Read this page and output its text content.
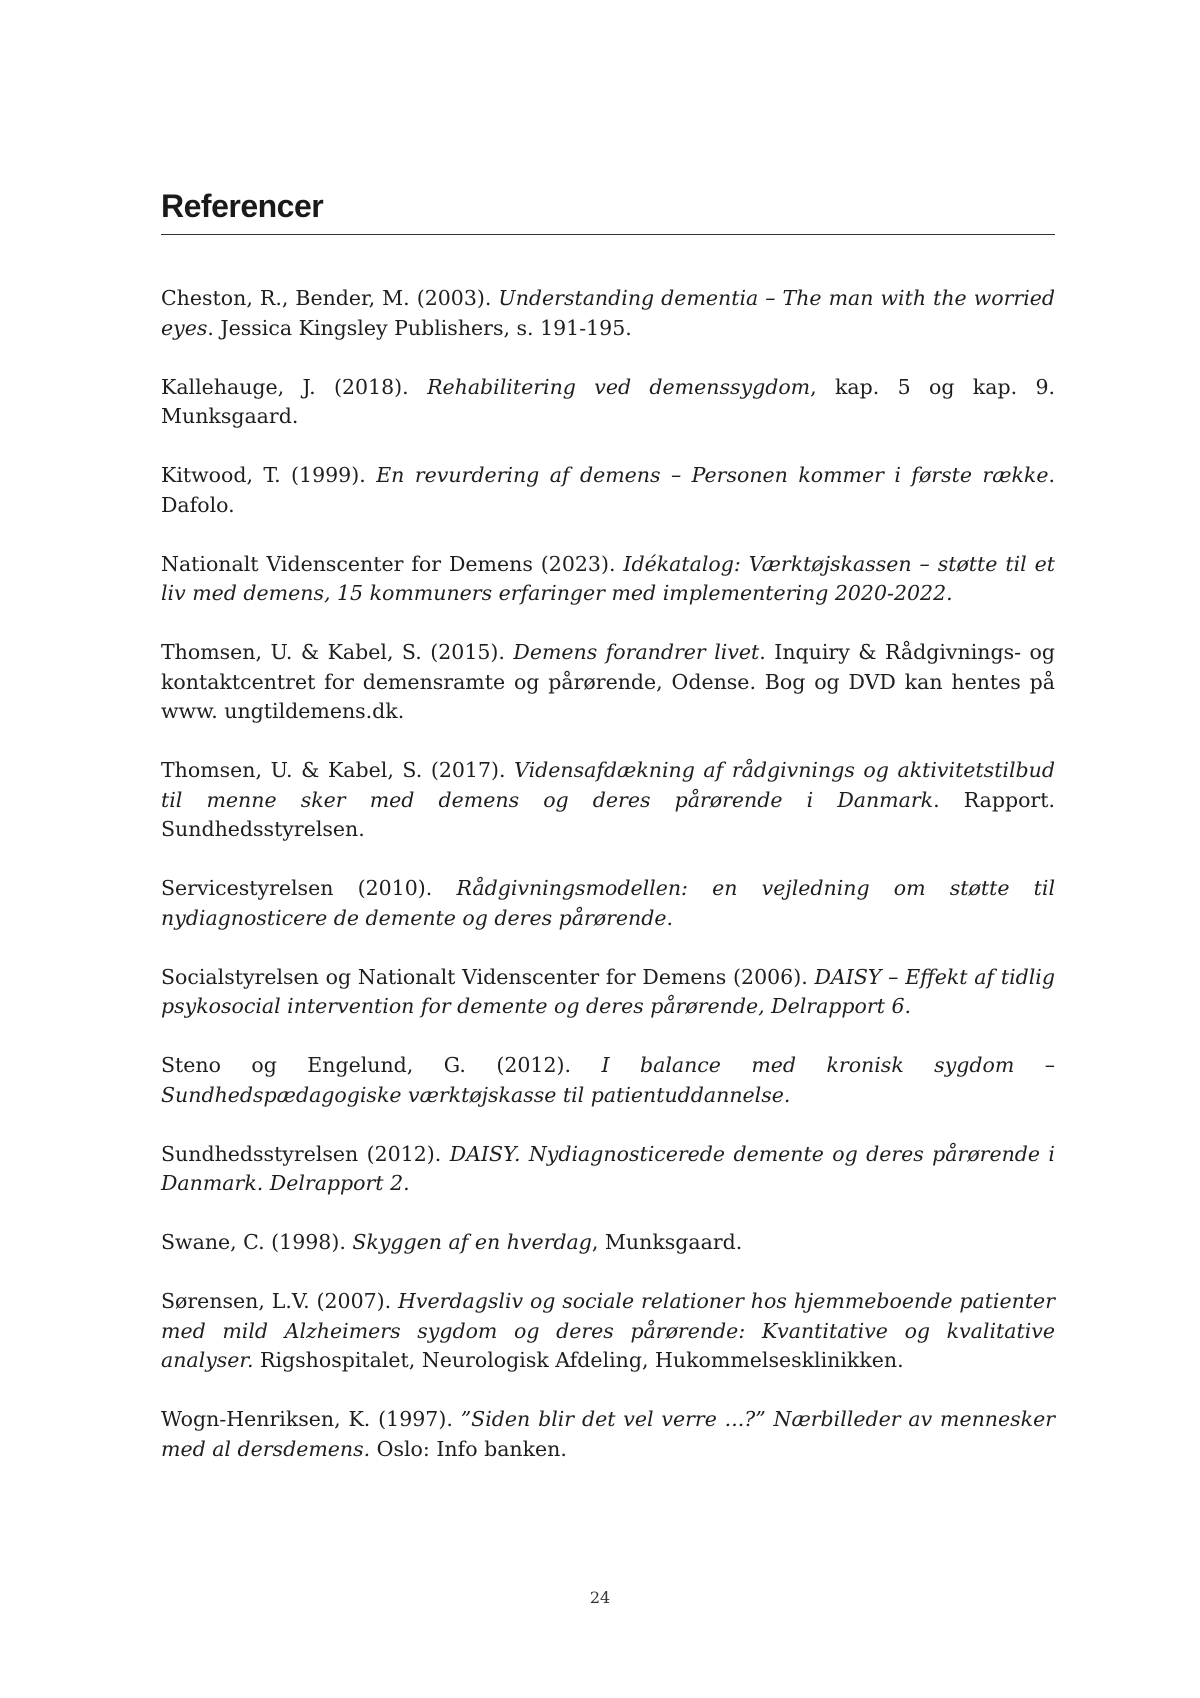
Referencer

Cheston, R., Bender, M. (2003). Understanding dementia – The man with the worried eyes. Jessica Kingsley Publishers, s. 191-195.

Kallehauge, J. (2018). Rehabilitering ved demenssygdom, kap. 5 og kap. 9. Munksgaard.

Kitwood, T. (1999). En revurdering af demens – Personen kommer i første række. Dafolo.

Nationalt Videnscenter for Demens (2023). Idékatalog: Værktøjskassen – støtte til et liv med demens, 15 kommuners erfaringer med implementering 2020-2022.

Thomsen, U. & Kabel, S. (2015). Demens forandrer livet. Inquiry & Rådgivnings- og kontaktcentret for demensramte og pårørende, Odense. Bog og DVD kan hentes på www. ungtildemens.dk.

Thomsen, U. & Kabel, S. (2017). Vidensafdækning af rådgivnings og aktivitetstilbud til menne sker med demens og deres pårørende i Danmark. Rapport. Sundhedsstyrelsen.

Servicestyrelsen (2010). Rådgivningsmodellen: en vejledning om støtte til nydiagnosticere de demente og deres pårørende.

Socialstyrelsen og Nationalt Videnscenter for Demens (2006). DAISY – Effekt af tidlig psykosocial intervention for demente og deres pårørende, Delrapport 6.

Steno og Engelund, G. (2012). I balance med kronisk sygdom – Sundhedspædagogiske værktøjskasse til patientuddannelse.

Sundhedsstyrelsen (2012). DAISY. Nydiagnosticerede demente og deres pårørende i Danmark. Delrapport 2.

Swane, C. (1998). Skyggen af en hverdag, Munksgaard.

Sørensen, L.V. (2007). Hverdagsliv og sociale relationer hos hjemmeboende patienter med mild Alzheimers sygdom og deres pårørende: Kvantitative og kvalitative analyser. Rigshospitalet, Neurologisk Afdeling, Hukommelsesklinikken.

Wogn-Henriksen, K. (1997). ”Siden blir det vel verre ...?” Nærbilleder av mennesker med al dersdemens. Oslo: Info banken.

24
